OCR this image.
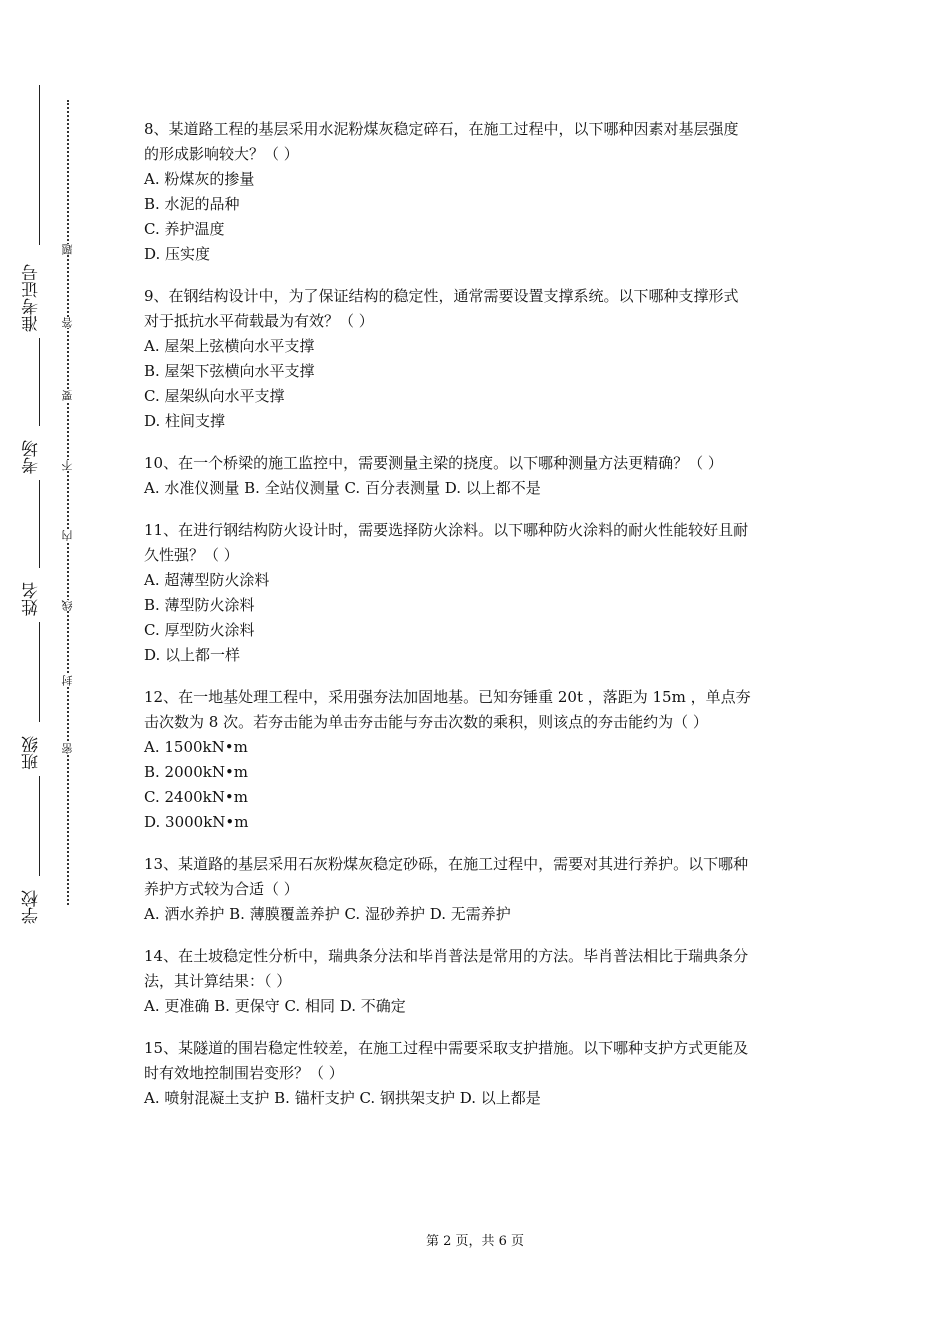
准考证号
考场
姓名
班级
学校
题
答
要
不
内
线
封
密
8、某道路工程的基层采用水泥粉煤灰稳定碎石，在施工过程中，以下哪种因素对基层强度
的形成影响较大？（ ）
A. 粉煤灰的掺量
B. 水泥的品种
C. 养护温度
D. 压实度
9、在钢结构设计中，为了保证结构的稳定性，通常需要设置支撑系统。以下哪种支撑形式
对于抵抗水平荷载最为有效？（ ）
A. 屋架上弦横向水平支撑
B. 屋架下弦横向水平支撑
C. 屋架纵向水平支撑
D. 柱间支撑
10、在一个桥梁的施工监控中，需要测量主梁的挠度。以下哪种测量方法更精确？（ ）
A. 水准仪测量 B. 全站仪测量 C. 百分表测量 D. 以上都不是
11、在进行钢结构防火设计时，需要选择防火涂料。以下哪种防火涂料的耐火性能较好且耐
久性强？（ ）
A. 超薄型防火涂料
B. 薄型防火涂料
C. 厚型防火涂料
D. 以上都一样
12、在一地基处理工程中，采用强夯法加固地基。已知夯锤重 20t ，落距为 15m ，单点夯
击次数为 8 次。若夯击能为单击夯击能与夯击次数的乘积，则该点的夯击能约为（ ）
A. 1500kN•m
B. 2000kN•m
C. 2400kN•m
D. 3000kN•m
13、某道路的基层采用石灰粉煤灰稳定砂砾，在施工过程中，需要对其进行养护。以下哪种
养护方式较为合适（ ）
A. 洒水养护 B. 薄膜覆盖养护 C. 湿砂养护 D. 无需养护
14、在土坡稳定性分析中，瑞典条分法和毕肖普法是常用的方法。毕肖普法相比于瑞典条分
法，其计算结果：（ ）
A. 更准确 B. 更保守 C. 相同 D. 不确定
15、某隧道的围岩稳定性较差，在施工过程中需要采取支护措施。以下哪种支护方式更能及
时有效地控制围岩变形？（ ）
A. 喷射混凝土支护 B. 锚杆支护 C. 钢拱架支护 D. 以上都是
第 2 页，共 6 页
